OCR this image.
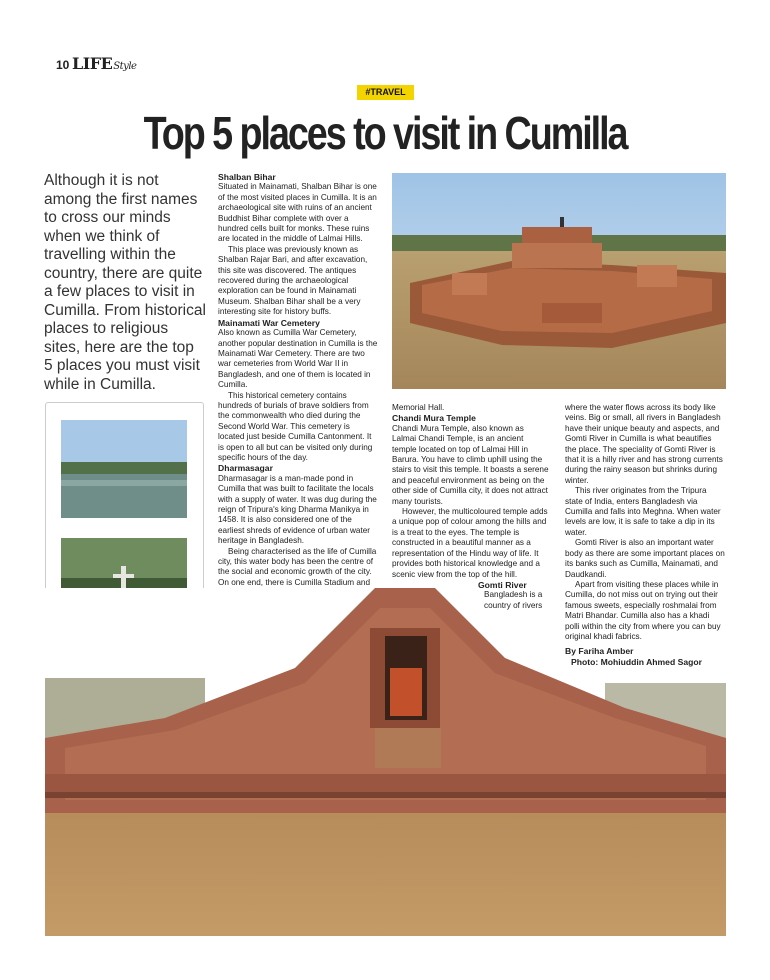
10 LIFEStyle
#TRAVEL
Top 5 places to visit in Cumilla
Although it is not among the first names to cross our minds when we think of travelling within the country, there are quite a few places to visit in Cumilla. From historical places to religious sites, here are the top 5 places you must visit while in Cumilla.
Shalban Bihar

Situated in Mainamati, Shalban Bihar is one of the most visited places in Cumilla. It is an archaeological site with ruins of an ancient Buddhist Bihar complete with over a hundred cells built for monks. These ruins are located in the middle of Lalmai Hills.

This place was previously known as Shalban Rajar Bari, and after excavation, this site was discovered. The antiques recovered during the archaeological exploration can be found in Mainamati Museum. Shalban Bihar shall be a very interesting site for history buffs.

Mainamati War Cemetery

Also known as Cumilla War Cemetery, another popular destination in Cumilla is the Mainamati War Cemetery. There are two war cemeteries from World War II in Bangladesh, and one of them is located in Cumilla.

This historical cemetery contains hundreds of burials of brave soldiers from the commonwealth who died during the Second World War. This cemetery is located just beside Cumilla Cantonment. It is open to all but can be visited only during specific hours of the day.

Dharmasagar

Dharmasagar is a man-made pond in Cumilla that was built to facilitate the locals with a supply of water. It was dug during the reign of Tripura's king Dharma Manikya in 1458. It is also considered one of the earliest shreds of evidence of urban water heritage in Bangladesh.

Being characterised as the life of Cumilla city, this water body has been the centre of the social and economic growth of the city. On one end, there is Cumilla Stadium and

Memorial Hall.

Chandi Mura Temple

Chandi Mura Temple, also known as Lalmai Chandi Temple, is an ancient temple located on top of Lalmai Hill in Barura. You have to climb uphill using the stairs to visit this temple. It boasts a serene and peaceful environment as being on the other side of Cumilla city, it does not attract many tourists.

However, the multicoloured temple adds a unique pop of colour among the hills and is a treat to the eyes. The temple is constructed in a beautiful manner as a representation of the Hindu way of life. It provides both historical knowledge and a scenic view from the top of the hill.

Gomti River

Bangladesh is a country of rivers

where the water flows across its body like veins. Big or small, all rivers in Bangladesh have their unique beauty and aspects, and Gomti River in Cumilla is what beautifies the place. The speciality of Gomti River is that it is a hilly river and has strong currents during the rainy season but shrinks during winter.

This river originates from the Tripura state of India, enters Bangladesh via Cumilla and falls into Meghna. When water levels are low, it is safe to take a dip in its water.

Gomti River is also an important water body as there are some important places on its banks such as Cumilla, Mainamati, and Daudkandi.

Apart from visiting these places while in Cumilla, do not miss out on trying out their famous sweets, especially roshmalai from Matri Bhandar. Cumilla also has a khadi polli within the city from where you can buy original khadi fabrics.

By Fariha Amber
Photo: Mohiuddin Ahmed Sagor
